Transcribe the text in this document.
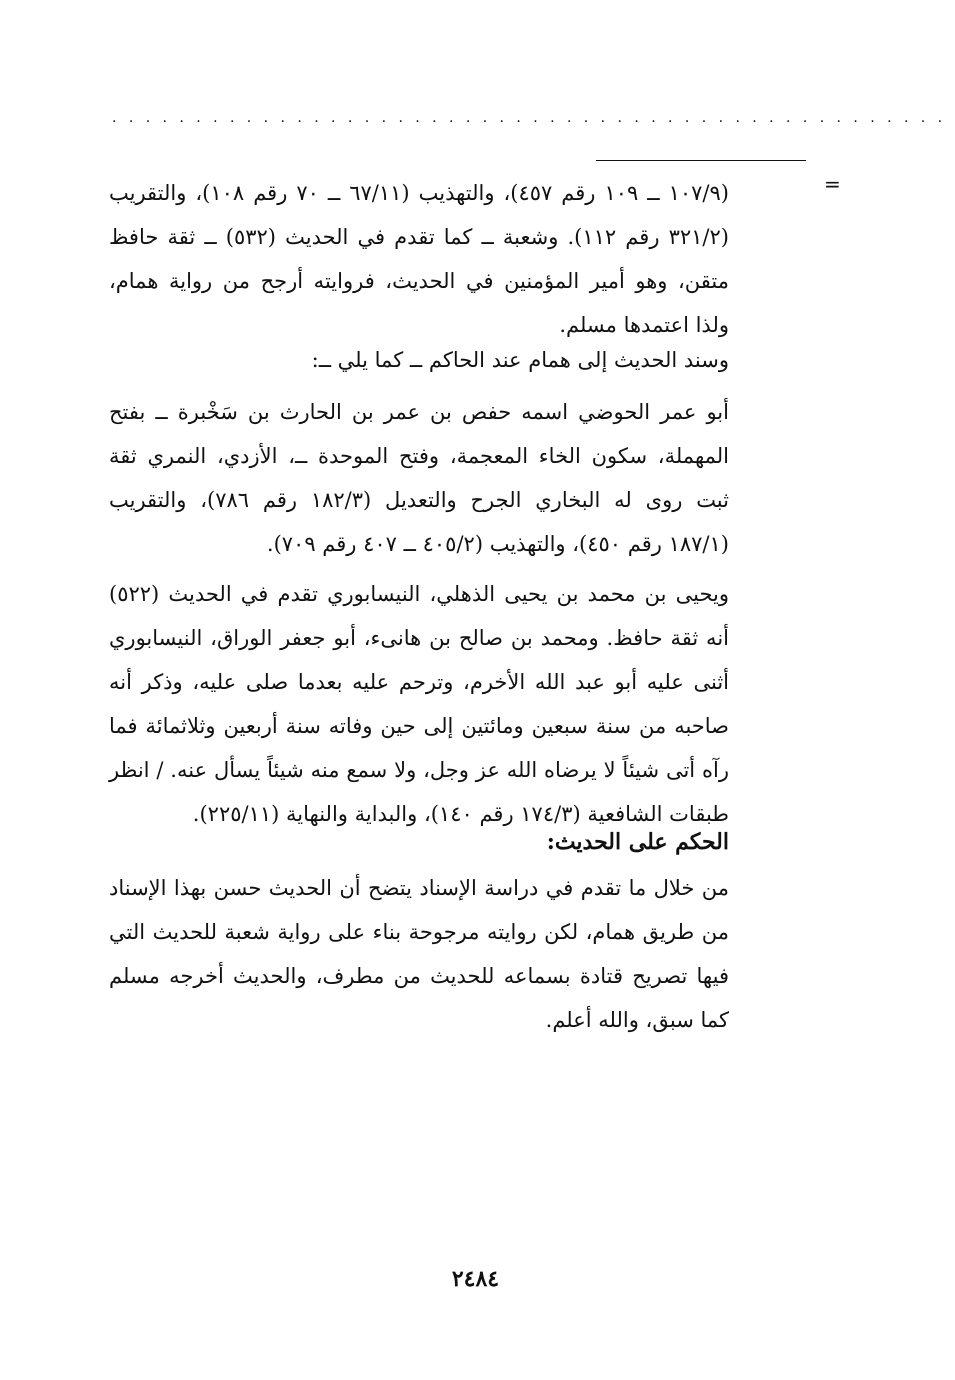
..................................................
=

(١٠٧/٩ ــ ١٠٩ رقم ٤٥٧)، والتهذيب (٦٧/١١ ــ ٧٠ رقم ١٠٨)، والتقريب (٣٢١/٢ رقم ١١٢). وشعبة ــ كما تقدم في الحديث (٥٣٢) ــ ثقة حافظ متقن، وهو أمير المؤمنين في الحديث، فروايته أرجح من رواية همام، ولذا اعتمدها مسلم.

وسند الحديث إلى همام عند الحاكم ــ كما يلي ــ:

أبو عمر الحوضي اسمه حفص بن عمر بن الحارث بن سَخْبرة ــ بفتح المهملة، سكون الخاء المعجمة، وفتح الموحدة ــ، الأزدي، النمري ثقة ثبت روى له البخاري الجرح والتعديل (١٨٢/٣ رقم ٧٨٦)، والتقريب (١٨٧/١ رقم ٤٥٠)، والتهذيب (٤٠٥/٢ ــ ٤٠٧ رقم ٧٠٩).

ويحيى بن محمد بن يحيى الذهلي، النيسابوري تقدم في الحديث (٥٢٢) أنه ثقة حافظ. ومحمد بن صالح بن هانىء، أبو جعفر الوراق، النيسابوري أثنى عليه أبو عبد الله الأخرم، وترحم عليه بعدما صلى عليه، وذكر أنه صاحبه من سنة سبعين ومائتين إلى حين وفاته سنة أربعين وثلاثمائة فما رآه أتى شيئاً لا يرضاه الله عز وجل، ولا سمع منه شيئاً يسأل عنه. / انظر طبقات الشافعية (١٧٤/٣ رقم ١٤٠)، والبداية والنهاية (٢٢٥/١١).

الحكم على الحديث:

من خلال ما تقدم في دراسة الإسناد يتضح أن الحديث حسن بهذا الإسناد من طريق همام، لكن روايته مرجوحة بناء على رواية شعبة للحديث التي فيها تصريح قتادة بسماعه للحديث من مطرف، والحديث أخرجه مسلم كما سبق، والله أعلم.

٢٤٨٤
